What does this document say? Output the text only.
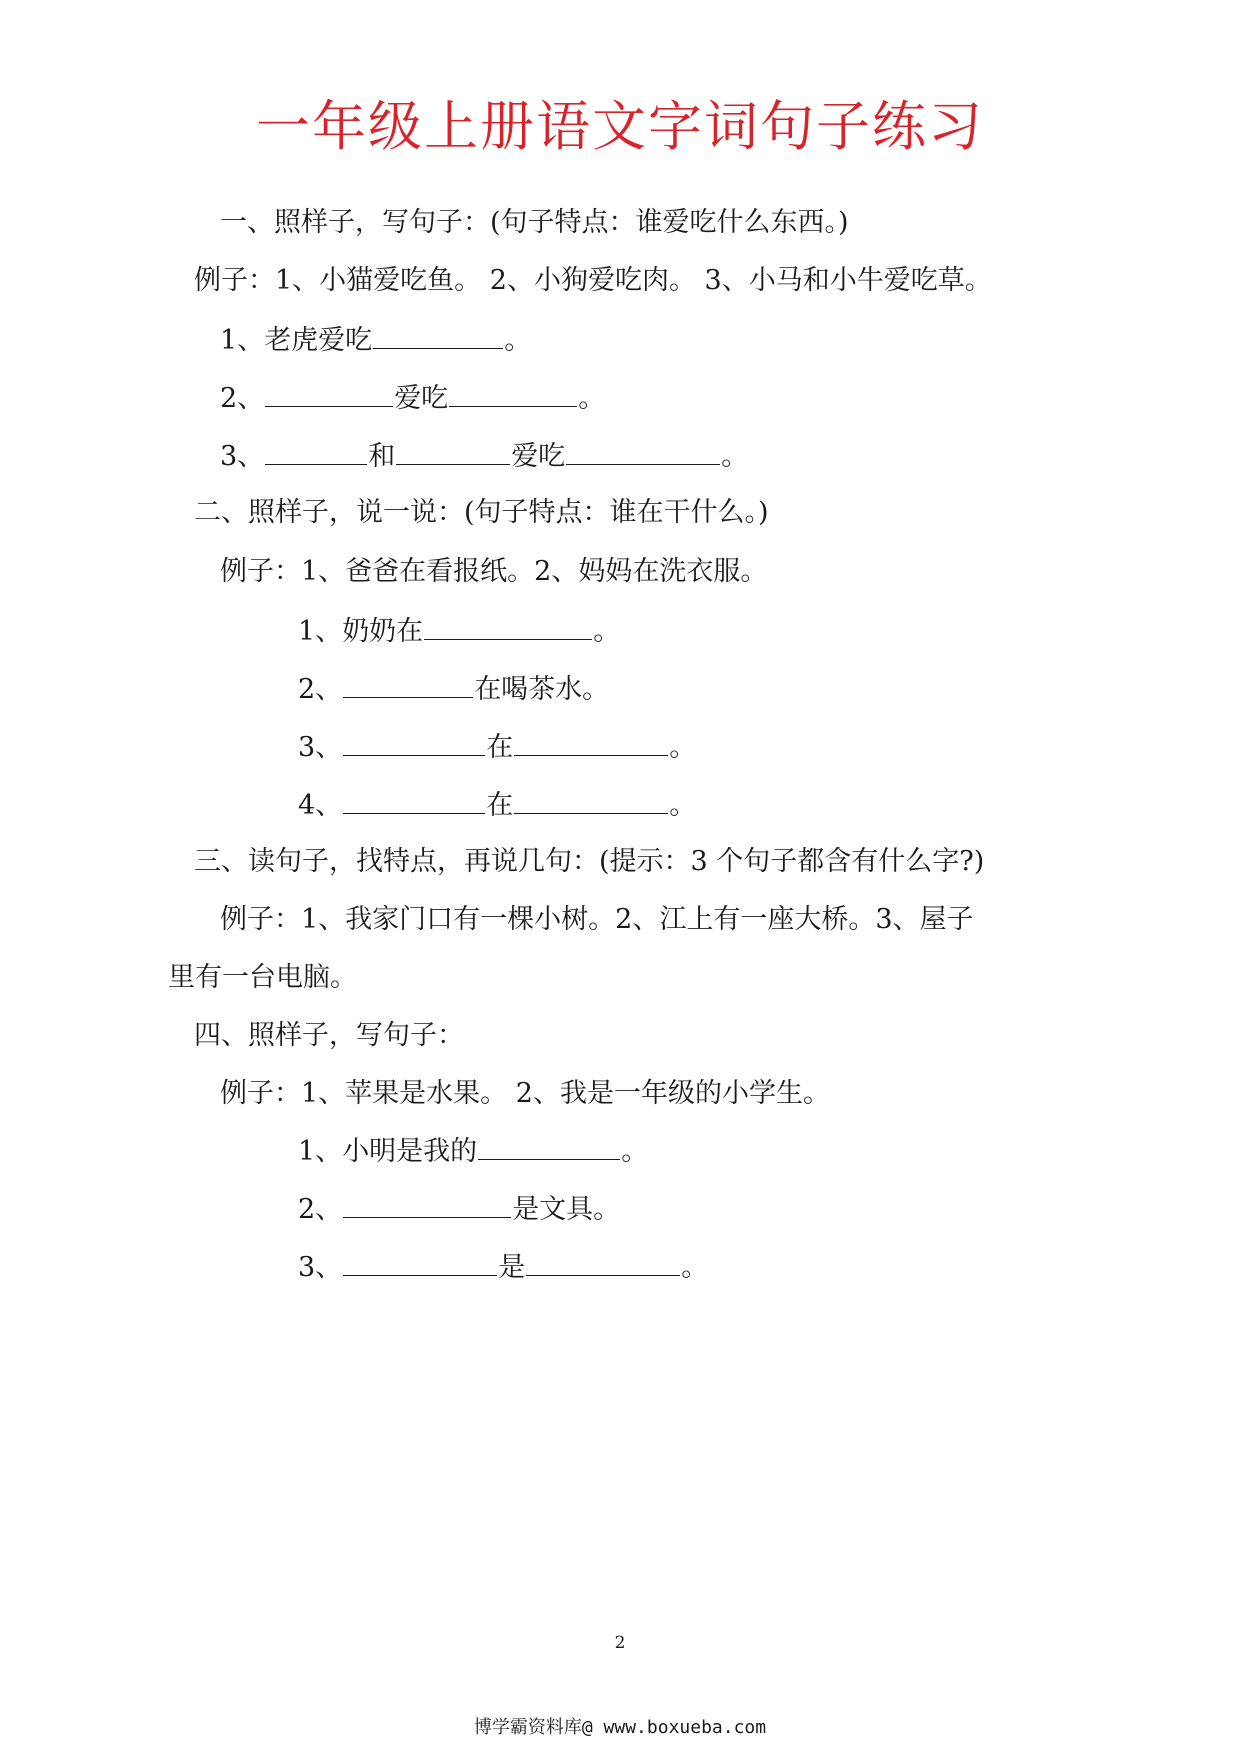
一年级上册语文字词句子练习
一、照样子，写句子：(句子特点：谁爱吃什么东西。)
例子：1、小猫爱吃鱼。 2、小狗爱吃肉。 3、小马和小牛爱吃草。
1、老虎爱吃	。
2、	爱吃	。
3、	和	爱吃	。
二、照样子，说一说：(句子特点：谁在干什么。)
例子：1、爸爸在看报纸。2、妈妈在洗衣服。
1、奶奶在	。
2、	在喝茶水。
3、	在	。
4、	在	。
三、读句子，找特点，再说几句：(提示：3 个句子都含有什么字?)
例子：1、我家门口有一棵小树。2、江上有一座大桥。3、屋子
里有一台电脑。
四、照样子，写句子：
例子：1、苹果是水果。 2、我是一年级的小学生。
1、小明是我的	。
2、	是文具。
3、	是	。
2
博学霸资料库@ www.boxueba.com
